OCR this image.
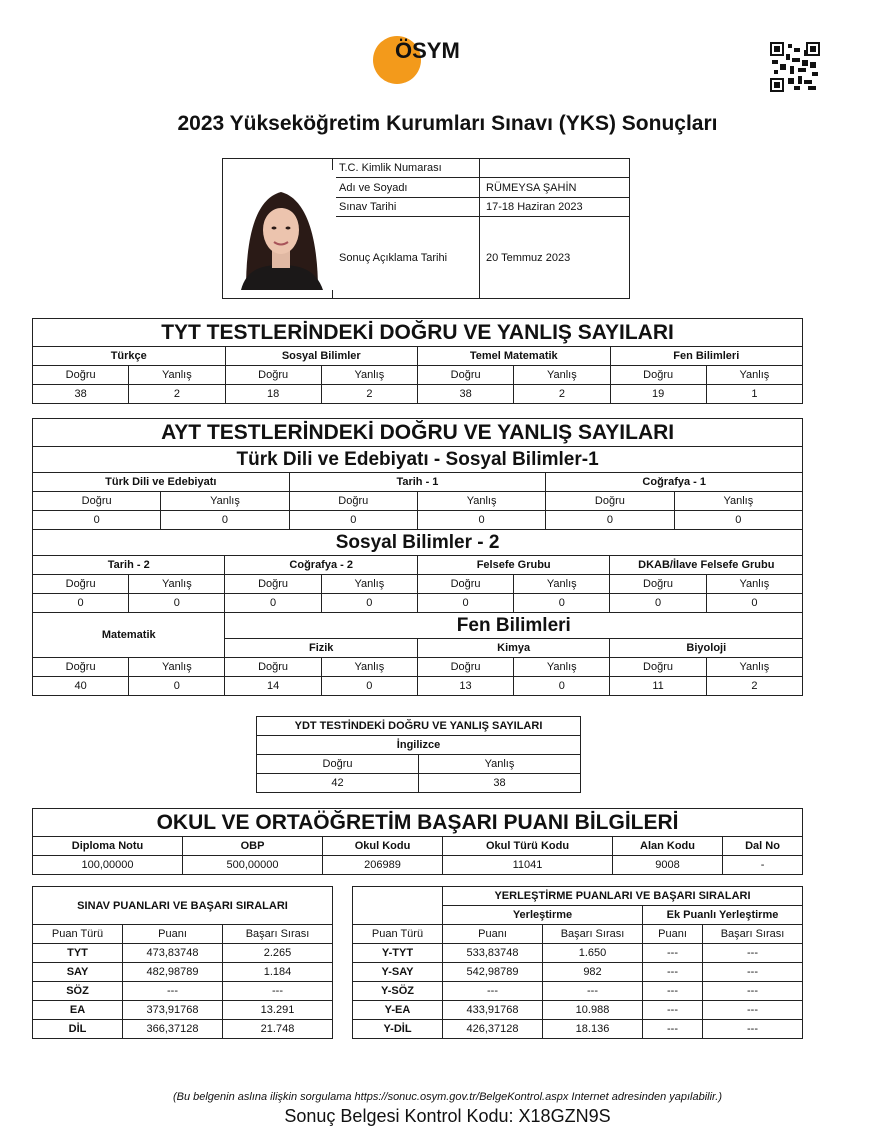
ÖSYM
2023 Yükseköğretim Kurumları Sınavı (YKS) Sonuçları
	T.C. Kimlik Numarası	
	Adı ve Soyadı	RÜMEYSA ŞAHİN
	Sınav Tarihi	17-18 Haziran 2023
	Sonuç Açıklama Tarihi	20 Temmuz 2023
TYT TESTLERİNDEKİ DOĞRU VE YANLIŞ SAYILARI							
Türkçe		Sosyal Bilimler		Temel Matematik		Fen Bilimleri	
Doğru	Yanlış	Doğru	Yanlış	Doğru	Yanlış	Doğru	Yanlış
38	2	18	2	38	2	19	1
AYT TESTLERİNDEKİ DOĞRU VE YANLIŞ SAYILARI											
Türk Dili ve Edebiyatı - Sosyal Bilimler-1											
Türk Dili ve Edebiyatı				Tarih - 1				Coğrafya - 1			
Doğru		Yanlış		Doğru		Yanlış		Doğru		Yanlış	
0		0		0		0		0		0	
Sosyal Bilimler - 2											
Tarih - 2			Coğrafya - 2			Felsefe Grubu			DKAB/İlave Felsefe Grubu		
Doğru	Yanlış		Doğru		Yanlış	Doğru	Yanlış		Doğru		Yanlış
0	0		0		0	0	0		0		0
Matematik			Fen Bilimleri								
			Fizik			Kimya			Biyoloji		
Doğru	Yanlış		Doğru		Yanlış	Doğru	Yanlış		Doğru		Yanlış
40	0		14		0	13	0		11		2
YDT TESTİNDEKİ DOĞRU VE YANLIŞ SAYILARI	
İngilizce	
Doğru	Yanlış
42	38
OKUL VE ORTAÖĞRETİM BAŞARI PUANI BİLGİLERİ					
Diploma Notu	OBP	Okul Kodu	Okul Türü Kodu	Alan Kodu	Dal No
100,00000	500,00000	206989	11041	9008	-
SINAV PUANLARI VE BAŞARI SIRALARI		
Puan Türü	Puanı	Başarı Sırası
TYT	473,83748	2.265
SAY	482,98789	1.184
SÖZ	---	---
EA	373,91768	13.291
DİL	366,37128	21.748
	YERLEŞTİRME PUANLARI VE BAŞARI SIRALARI			
	Yerleştirme		Ek Puanlı Yerleştirme	
Puan Türü	Puanı	Başarı Sırası	Puanı	Başarı Sırası
Y-TYT	533,83748	1.650	---	---
Y-SAY	542,98789	982	---	---
Y-SÖZ	---	---	---	---
Y-EA	433,91768	10.988	---	---
Y-DİL	426,37128	18.136	---	---
(Bu belgenin aslına ilişkin sorgulama https://sonuc.osym.gov.tr/BelgeKontrol.aspx Internet adresinden yapılabilir.)
Sonuç Belgesi Kontrol Kodu: X18GZN9S
